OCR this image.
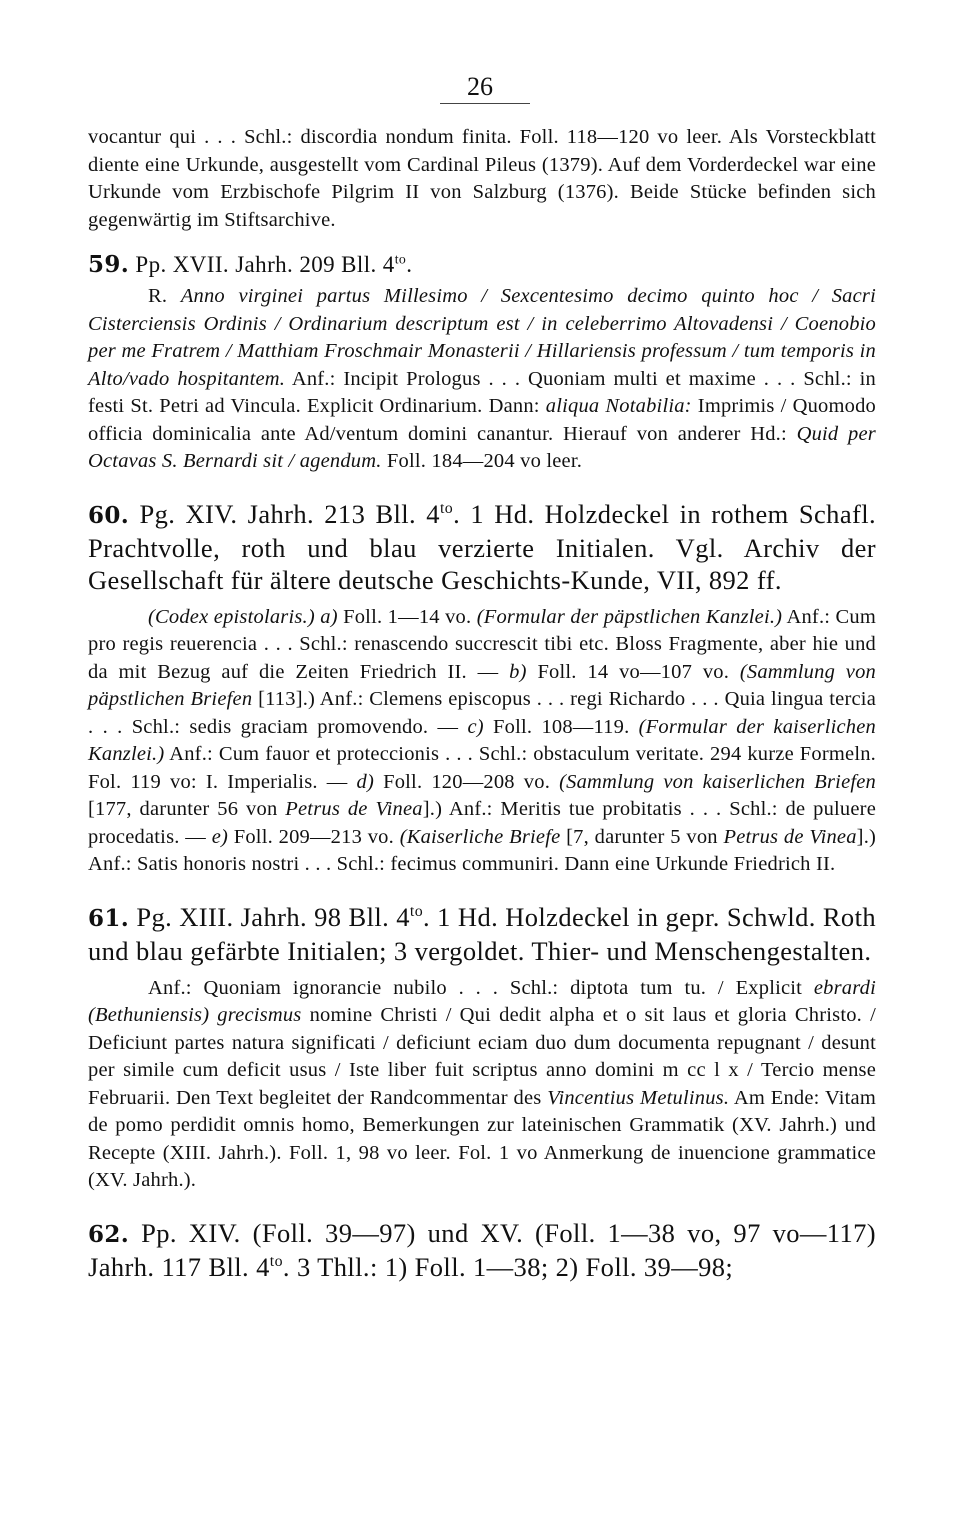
26

vocantur qui . . . Schl.: discordia nondum finita. Foll. 118—120 vo leer. Als Vorsteckblatt diente eine Urkunde, ausgestellt vom Cardinal Pileus (1379). Auf dem Vorderdeckel war eine Urkunde vom Erzbischofe Pilgrim II von Salzburg (1376). Beide Stücke befinden sich gegenwärtig im Stiftsarchive.

59. Pp. XVII. Jahrh. 209 Bll. $4^{to}$.

R. Anno virginei partus Millesimo / Sexcentesimo decimo quinto hoc / Sacri Cisterciensis Ordinis / Ordinarium descriptum est / in celeberrimo Altovadensi / Coenobio per me Fratrem / Matthiam Froschmair Monasterii / Hillariensis professum / tum temporis in Alto/vado hospitantem. Anf.: Incipit Prologus . . . Quoniam multi et maxime . . . Schl.: in festi St. Petri ad Vincula. Explicit Ordinarium. Dann: aliqua Notabilia: Imprimis / Quomodo officia dominicalia ante Ad/ventum domini canantur. Hierauf von anderer Hd.: Quid per Octavas S. Bernardi sit / agendum. Foll. 184—204 vo leer.

60. Pg. XIV. Jahrh. 213 Bll. $4^{to}$. 1 Hd. Holzdeckel in rothem Schafl. Prachtvolle, roth und blau verzierte Initialen. Vgl. Archiv der Gesellschaft für ältere deutsche Geschichts-Kunde, VII, 892 ff.

(Codex epistolaris.) a) Foll. 1—14 vo. (Formular der päpstlichen Kanzlei.) Anf.: Cum pro regis reuerencia . . . Schl.: renascendo succrescit tibi etc. Bloss Fragmente, aber hie und da mit Bezug auf die Zeiten Friedrich II. — b) Foll. 14 vo—107 vo. (Sammlung von päpstlichen Briefen [113].) Anf.: Clemens episcopus . . . regi Richardo . . . Quia lingua tercia . . . Schl.: sedis graciam promovendo. — c) Foll. 108—119. (Formular der kaiserlichen Kanzlei.) Anf.: Cum fauor et proteccionis . . . Schl.: obstaculum veritate. 294 kurze Formeln. Fol. 119 vo: I. Imperialis. — d) Foll. 120—208 vo. (Sammlung von kaiserlichen Briefen [177, darunter 56 von Petrus de Vinea].) Anf.: Meritis tue probitatis . . . Schl.: de puluere procedatis. — e) Foll. 209—213 vo. (Kaiserliche Briefe [7, darunter 5 von Petrus de Vinea].) Anf.: Satis honoris nostri . . . Schl.: fecimus communiri. Dann eine Urkunde Friedrich II.

61. Pg. XIII. Jahrh. 98 Bll. $4^{to}$. 1 Hd. Holzdeckel in gepr. Schwld. Roth und blau gefärbte Initialen; 3 vergoldet. Thier- und Menschengestalten.

Anf.: Quoniam ignorancie nubilo . . . Schl.: diptota tum tu. / Explicit ebrardi (Bethuniensis) grecismus nomine Christi / Qui dedit alpha et o sit laus et gloria Christo. / Deficiunt partes natura significati / deficiunt eciam duo dum documenta repugnant / desunt per simile cum deficit usus / Iste liber fuit scriptus anno domini m cc l x / Tercio mense Februarii. Den Text begleitet der Randcommentar des Vincentius Metulinus. Am Ende: Vitam de pomo perdidit omnis homo, Bemerkungen zur lateinischen Grammatik (XV. Jahrh.) und Recepte (XIII. Jahrh.). Foll. 1, 98 vo leer. Fol. 1 vo Anmerkung de inuencione grammatice (XV. Jahrh.).

62. Pp. XIV. (Foll. 39—97) und XV. (Foll. 1—38 vo, 97 vo—117) Jahrh. 117 Bll. $4^{to}$. 3 Thll.: 1) Foll. 1—38; 2) Foll. 39—98;
